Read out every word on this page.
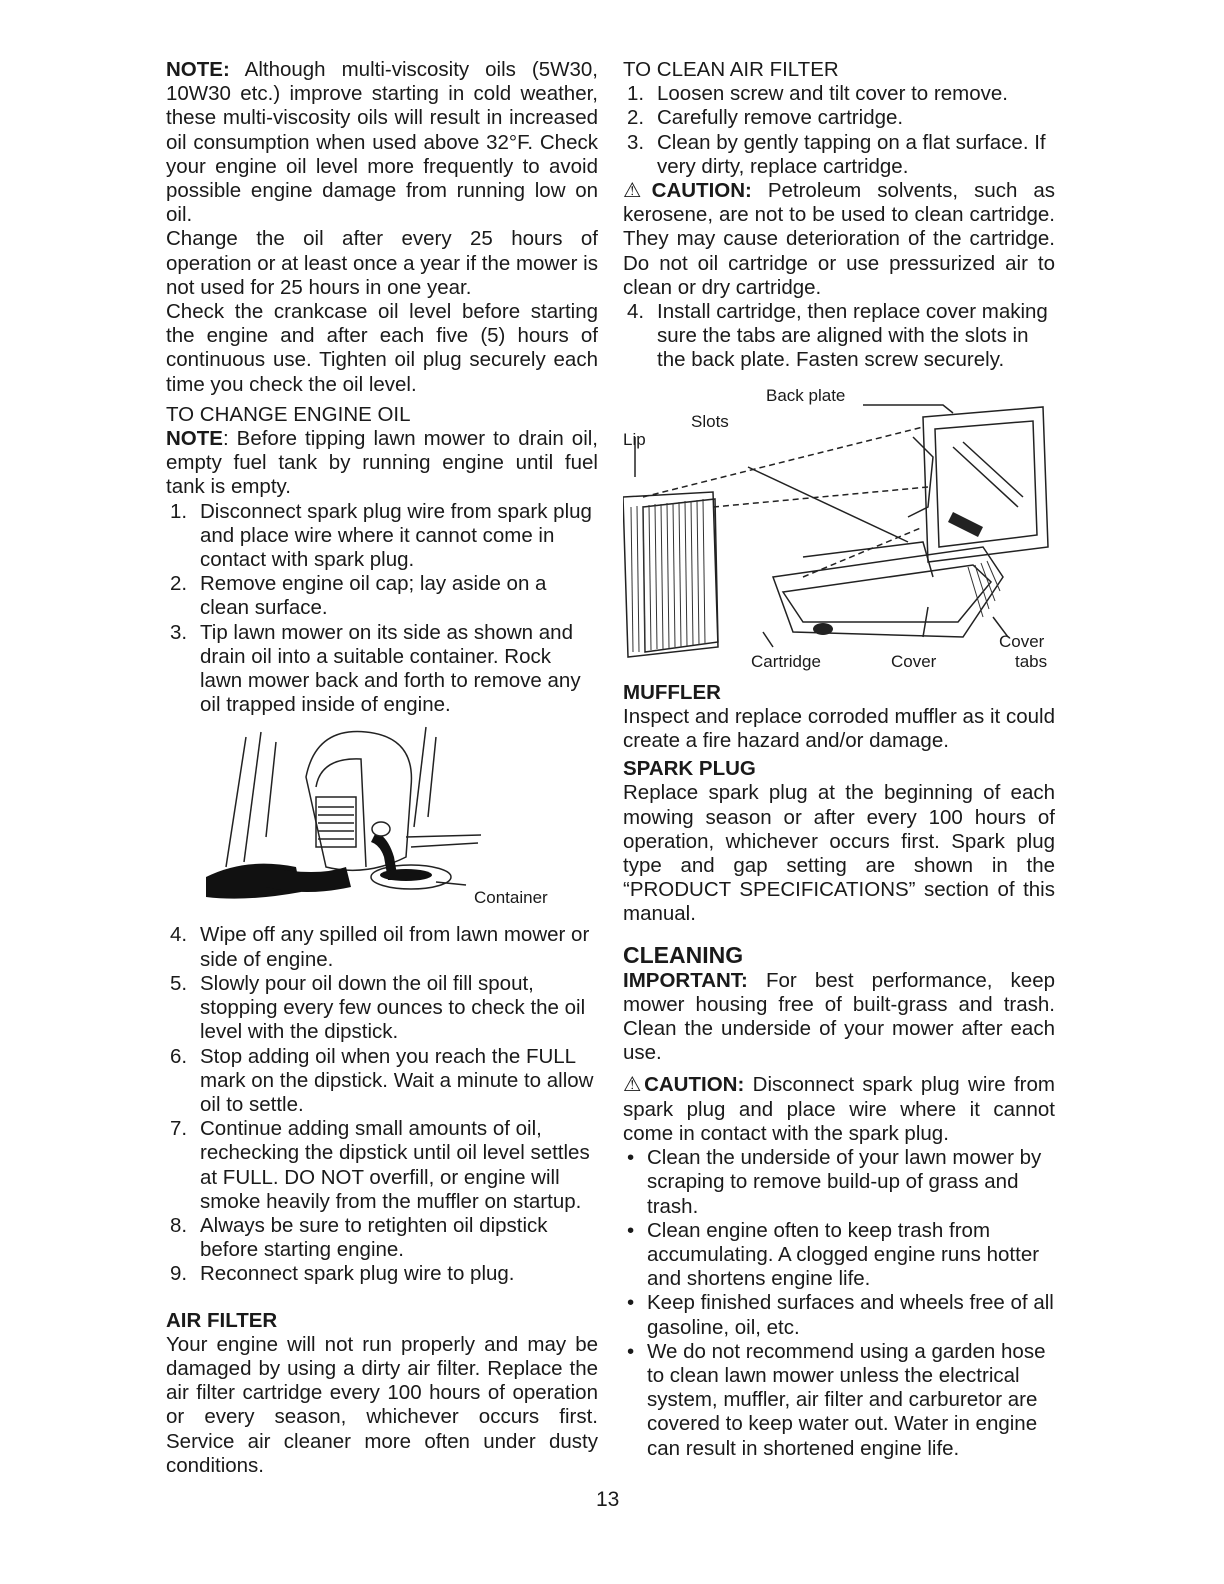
NOTE: Although multi-viscosity oils (5W30, 10W30 etc.) improve starting in cold weather, these multi-viscosity oils will result in increased oil consumption when used above 32°F. Check your engine oil level more frequently to avoid possible engine damage from running low on oil.

Change the oil after every 25 hours of operation or at least once a year if the mower is not used for 25 hours in one year.

Check the crankcase oil level before starting the engine and after each five (5) hours of continuous use. Tighten oil plug securely each time you check the oil level.

TO CHANGE ENGINE OIL

NOTE: Before tipping lawn mower to drain oil, empty fuel tank by running engine until fuel tank is empty.

1. Disconnect spark plug wire from spark plug and place wire where it cannot come in contact with spark plug.
2. Remove engine oil cap; lay aside on a clean surface.
3. Tip lawn mower on its side as shown and drain oil into a suitable container. Rock lawn mower back and forth to remove any oil trapped inside of engine.
Container
4. Wipe off any spilled oil from lawn mower or side of engine.
5. Slowly pour oil down the oil fill spout, stopping every few ounces to check the oil level with the dipstick.
6. Stop adding oil when you reach the FULL mark on the dipstick. Wait a minute to allow oil to settle.
7. Continue adding small amounts of oil, rechecking the dipstick until oil level settles at FULL. DO NOT overfill, or engine will smoke heavily from the muffler on startup.
8. Always be sure to retighten oil dipstick before starting engine.
9. Reconnect spark plug wire to plug.

AIR FILTER

Your engine will not run properly and may be damaged by using a dirty air filter. Replace the air filter cartridge every 100 hours of operation or every season, whichever occurs first. Service air cleaner more often under dusty conditions.

TO CLEAN AIR FILTER

1. Loosen screw and tilt cover to remove.
2. Carefully remove cartridge.
3. Clean by gently tapping on a flat surface. If very dirty, replace cartridge.

⚠CAUTION: Petroleum solvents, such as kerosene, are not to be used to clean cartridge. They may cause deterioration of the cartridge. Do not oil cartridge or use pressurized air to clean or dry cartridge.

4. Install cartridge, then replace cover making sure the tabs are aligned with the slots in the back plate. Fasten screw securely.
Back plate
Slots
Lip
Cartridge	Cover
Cover
tabs

MUFFLER

Inspect and replace corroded muffler as it could create a fire hazard and/or damage.

SPARK PLUG

Replace spark plug at the beginning of each mowing season or after every 100 hours of operation, whichever occurs first. Spark plug type and gap setting are shown in the “PRODUCT SPECIFICATIONS” section of this manual.

CLEANING

IMPORTANT: For best performance, keep mower housing free of built-grass and trash. Clean the underside of your mower after each use.

⚠CAUTION: Disconnect spark plug wire from spark plug and place wire where it cannot come in contact with the spark plug.

• Clean the underside of your lawn mower by scraping to remove build-up of grass and trash.
• Clean engine often to keep trash from accumulating. A clogged engine runs hotter and shortens engine life.
• Keep finished surfaces and wheels free of all gasoline, oil, etc.
• We do not recommend using a garden hose to clean lawn mower unless the electrical system, muffler, air filter and carburetor are covered to keep water out. Water in engine can result in shortened engine life.
13
